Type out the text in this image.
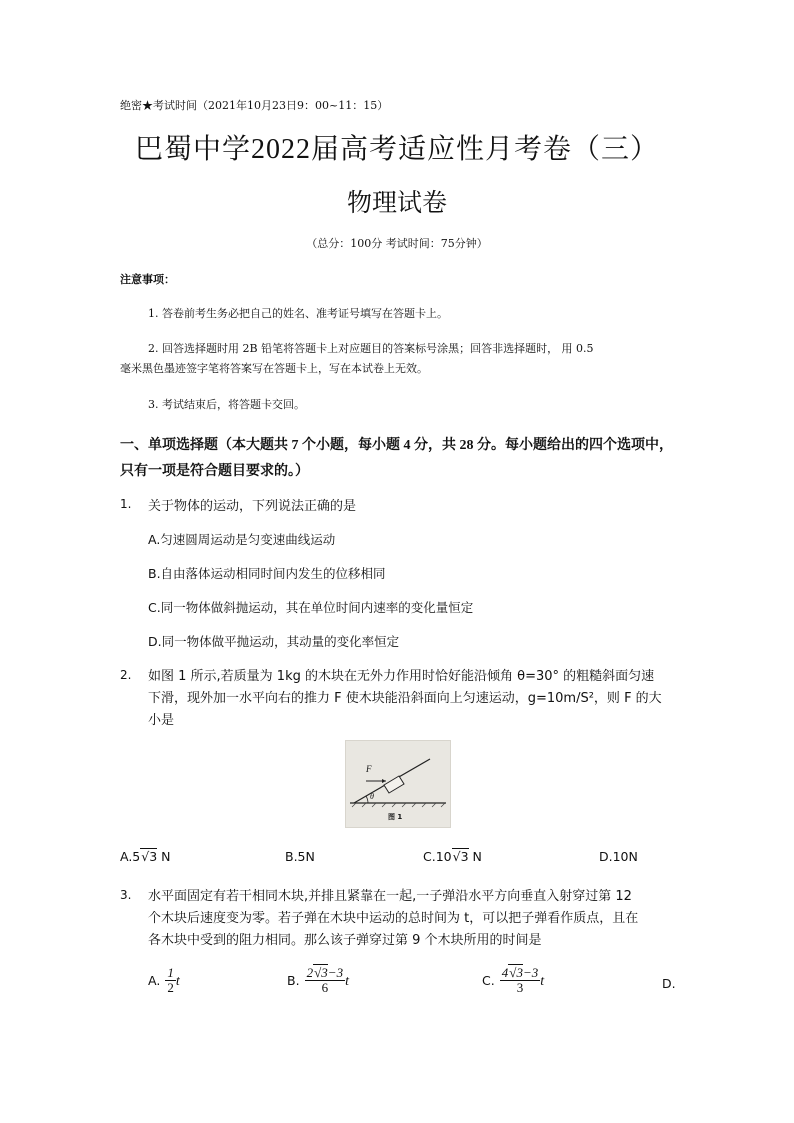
绝密★考试时间（2021年10月23日9：00~11：15）
巴蜀中学2022届高考适应性月考卷（三）
物理试卷
（总分：100分 考试时间：75分钟）
注意事项：
1. 答卷前考生务必把自己的姓名、准考证号填写在答题卡上。
2. 回答选择题时用 2B 铅笔将答题卡上对应题目的答案标号涂黑；回答非选择题时， 用 0.5
毫米黑色墨迹签字笔将答案写在答题卡上，写在本试卷上无效。
3. 考试结束后，将答题卡交回。
一、单项选择题（本大题共 7 个小题，每小题 4 分，共 28 分。每小题给出的四个选项中，
只有一项是符合题目要求的。）
1. 关于物体的运动，下列说法正确的是
A.匀速圆周运动是匀变速曲线运动
B.自由落体运动相同时间内发生的位移相同
C.同一物体做斜抛运动，其在单位时间内速率的变化量恒定
D.同一物体做平抛运动，其动量的变化率恒定
2. 如图 1 所示,若质量为 1kg 的木块在无外力作用时恰好能沿倾角 θ=30° 的粗糙斜面匀速
下滑，现外加一水平向右的推力 F 使木块能沿斜面向上匀速运动，g=10m/S²，则 F 的大
小是
F
θ
图 1
A.5√3 N	B.5N	C.10√3 N	D.10N
3. 水平面固定有若干相同木块,并排且紧靠在一起,一子弹沿水平方向垂直入射穿过第 12
个木块后速度变为零。若子弹在木块中运动的总时间为 t，可以把子弹看作质点，且在
各木块中受到的阻力相同。那么该子弹穿过第 9 个木块所用的时间是
A. $\frac{1}{2}$ t	B. $\frac{2√3-3}{6}$ t	C. $\frac{4√3-3}{3}$ t	D.
